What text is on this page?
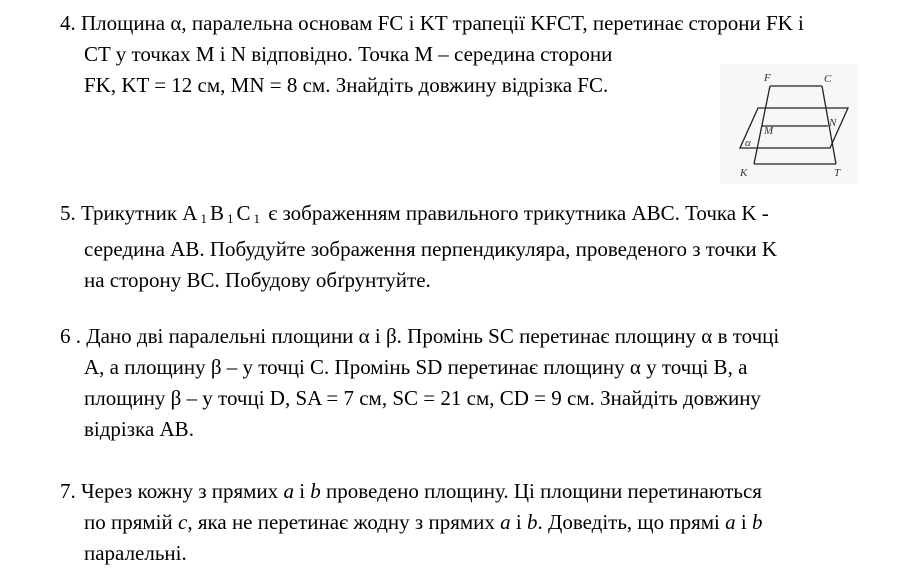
4. Площина α, паралельна основам FC і KT трапеції KFCT, перетинає сторони FK і
CT у точках M і N відповідно. Точка M – середина сторони
FK, KT = 12 см, MN = 8 см. Знайдіть довжину відрізка FC.	F	C
M
N
α
K	T
5. Трикутник A $_1$ B $_1$ C $_1$ є зображенням правильного трикутника ABC. Точка K -
середина AB. Побудуйте зображення перпендикуляра, проведеного з точки K
на сторону BC. Побудову обґрунтуйте.
6 . Дано дві паралельні площини α і β. Промінь SC перетинає площину α в точці
A, а площину β – у точці C. Промінь SD перетинає площину α у точці B, а
площину β – у точці D, SA = 7 см, SC = 21 см, CD = 9 см. Знайдіть довжину
відрізка AB.
7. Через кожну з прямих a і b проведено площину. Ці площини перетинаються
по прямій c, яка не перетинає жодну з прямих a і b. Доведіть, що прямі a і b
паралельні.
